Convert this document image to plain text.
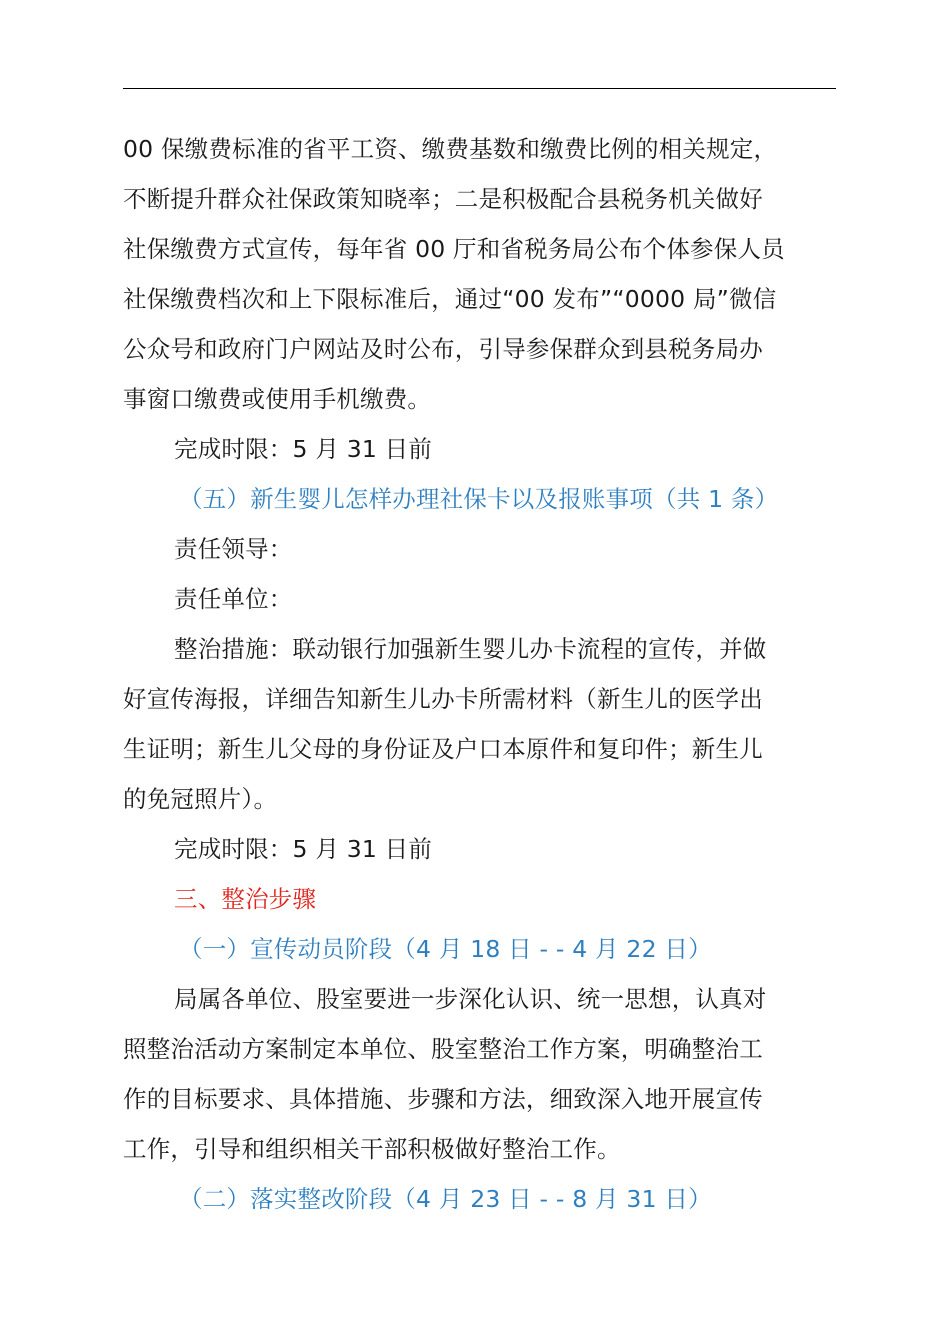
00 保缴费标准的省平工资、缴费基数和缴费比例的相关规定，
不断提升群众社保政策知晓率；二是积极配合县税务机关做好
社保缴费方式宣传，每年省 00 厅和省税务局公布个体参保人员
社保缴费档次和上下限标准后，通过“00 发布”“0000 局”微信
公众号和政府门户网站及时公布，引导参保群众到县税务局办
事窗口缴费或使用手机缴费。
完成时限：5 月 31 日前
（五）新生婴儿怎样办理社保卡以及报账事项（共 1 条）
责任领导：
责任单位：
整治措施：联动银行加强新生婴儿办卡流程的宣传，并做
好宣传海报，详细告知新生儿办卡所需材料（新生儿的医学出
生证明；新生儿父母的身份证及户口本原件和复印件；新生儿
的免冠照片）。
完成时限：5 月 31 日前
三、整治步骤
（一）宣传动员阶段（4 月 18 日 - - 4 月 22 日）
局属各单位、股室要进一步深化认识、统一思想，认真对
照整治活动方案制定本单位、股室整治工作方案，明确整治工
作的目标要求、具体措施、步骤和方法，细致深入地开展宣传
工作，引导和组织相关干部积极做好整治工作。
（二）落实整改阶段（4 月 23 日 - - 8 月 31 日）
